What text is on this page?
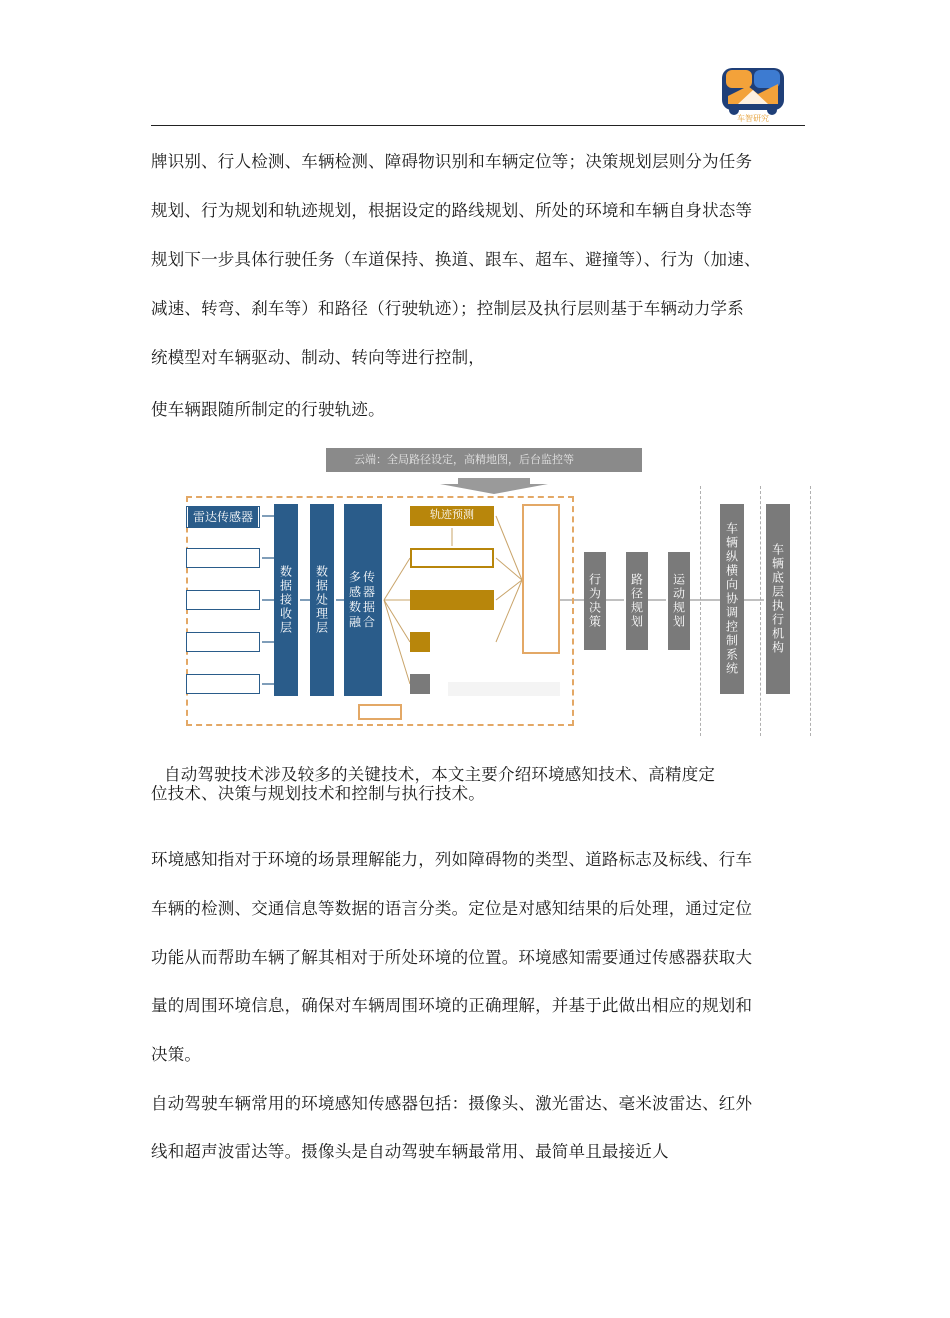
车智研究

牌识别、行人检测、车辆检测、障碍物识别和车辆定位等；决策规划层则分为任务

规划、行为规划和轨迹规划，根据设定的路线规划、所处的环境和车辆自身状态等

规划下一步具体行驶任务（车道保持、换道、跟车、超车、避撞等）、行为（加速、

减速、转弯、刹车等）和路径（行驶轨迹）；控制层及执行层则基于车辆动力学系

统模型对车辆驱动、制动、转向等进行控制，

使车辆跟随所制定的行驶轨迹。

云端：全局路径设定，高精地图，后台监控等
雷达传感器
数据接收层	数据处理层	多传感器数据融合
轨迹预测
行为决策	路径规划	运动规划	车辆纵横向协调控制系统	车辆底层执行机构
自动驾驶技术涉及较多的关键技术，本文主要介绍环境感知技术、高精度定

位技术、决策与规划技术和控制与执行技术。

环境感知指对于环境的场景理解能力，列如障碍物的类型、道路标志及标线、行车

车辆的检测、交通信息等数据的语言分类。定位是对感知结果的后处理，通过定位

功能从而帮助车辆了解其相对于所处环境的位置。环境感知需要通过传感器获取大

量的周围环境信息，确保对车辆周围环境的正确理解，并基于此做出相应的规划和

决策。

自动驾驶车辆常用的环境感知传感器包括：摄像头、激光雷达、毫米波雷达、红外

线和超声波雷达等。摄像头是自动驾驶车辆最常用、最简单且最接近人
